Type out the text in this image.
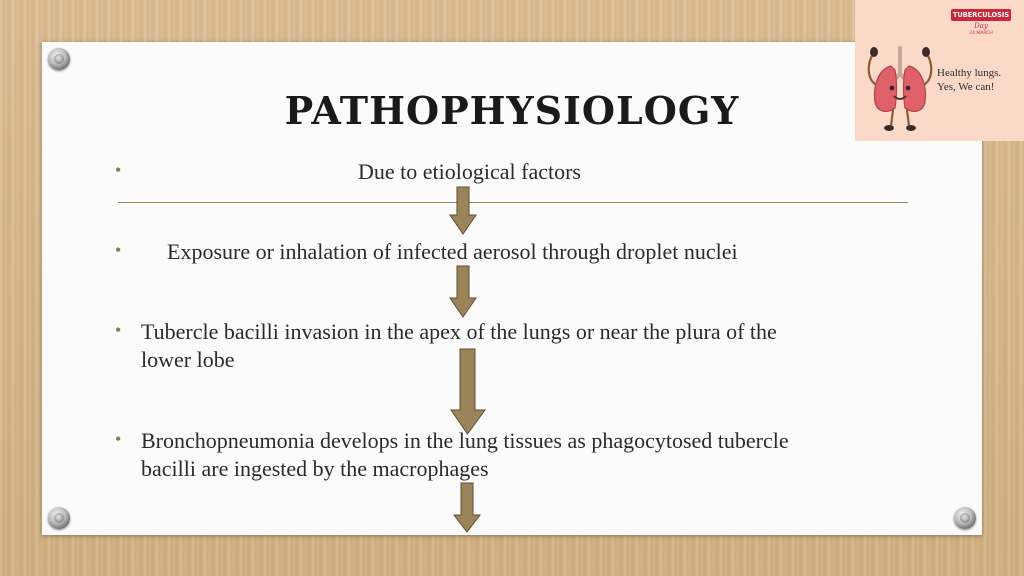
PATHOPHYSIOLOGY
•	Due to etiological factors

• Exposure or inhalation of infected aerosol through droplet nuclei

• Tubercle bacilli invasion in the apex of the lungs or near the plura of the

lower lobe

• Bronchopneumonia develops in the lung tissues as phagocytosed tubercle

bacilli are ingested by the macrophages

TUBERCULOSIS
Day
24 MARCH
Healthy lungs.
Yes, We can!
